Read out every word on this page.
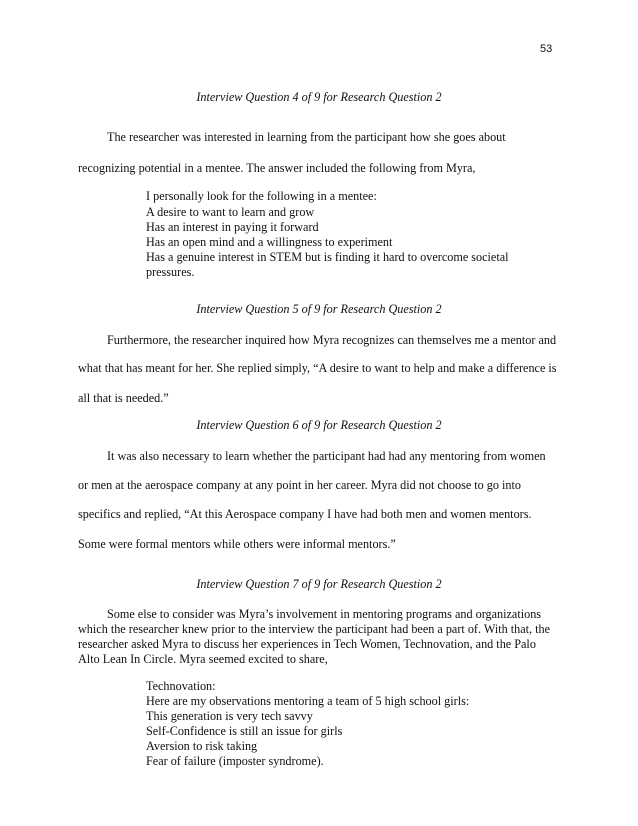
53
Interview Question 4 of 9 for Research Question 2
The researcher was interested in learning from the participant how she goes about
recognizing potential in a mentee. The answer included the following from Myra,
I personally look for the following in a mentee:
A desire to want to learn and grow
Has an interest in paying it forward
Has an open mind and a willingness to experiment
Has a genuine interest in STEM but is finding it hard to overcome societal
pressures.
Interview Question 5 of 9 for Research Question 2
Furthermore, the researcher inquired how Myra recognizes can themselves me a mentor and
what that has meant for her. She replied simply, “A desire to want to help and make a difference is
all that is needed.”
Interview Question 6 of 9 for Research Question 2
It was also necessary to learn whether the participant had had any mentoring from women
or men at the aerospace company at any point in her career. Myra did not choose to go into
specifics and replied, “At this Aerospace company I have had both men and women mentors.
Some were formal mentors while others were informal mentors.”
Interview Question 7 of 9 for Research Question 2
Some else to consider was Myra’s involvement in mentoring programs and organizations
which the researcher knew prior to the interview the participant had been a part of. With that, the
researcher asked Myra to discuss her experiences in Tech Women, Technovation, and the Palo
Alto Lean In Circle. Myra seemed excited to share,
Technovation:
Here are my observations mentoring a team of 5 high school girls:
This generation is very tech savvy
Self-Confidence is still an issue for girls
Aversion to risk taking
Fear of failure (imposter syndrome).
